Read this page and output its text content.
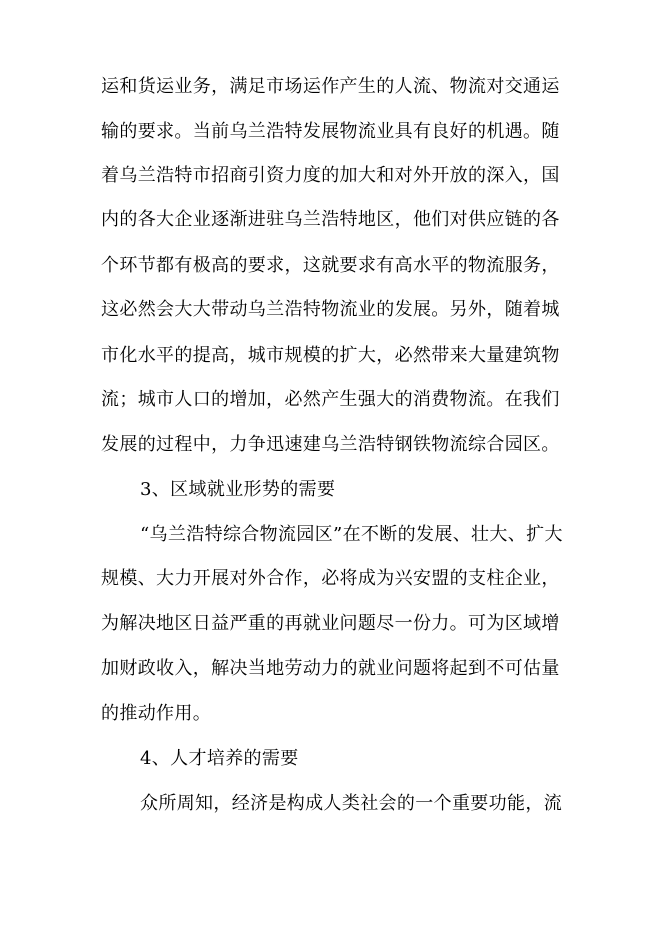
运和货运业务，满足市场运作产生的人流、物流对交通运
输的要求。当前乌兰浩特发展物流业具有良好的机遇。随
着乌兰浩特市招商引资力度的加大和对外开放的深入，国
内的各大企业逐渐进驻乌兰浩特地区，他们对供应链的各
个环节都有极高的要求，这就要求有高水平的物流服务，
这必然会大大带动乌兰浩特物流业的发展。另外，随着城
市化水平的提高，城市规模的扩大，必然带来大量建筑物
流；城市人口的增加，必然产生强大的消费物流。在我们
发展的过程中，力争迅速建乌兰浩特钢铁物流综合园区。
3、区域就业形势的需要
“乌兰浩特综合物流园区”在不断的发展、壮大、扩大
规模、大力开展对外合作，必将成为兴安盟的支柱企业，
为解决地区日益严重的再就业问题尽一份力。可为区域增
加财政收入，解决当地劳动力的就业问题将起到不可估量
的推动作用。
4、人才培养的需要
众所周知，经济是构成人类社会的一个重要功能，流
